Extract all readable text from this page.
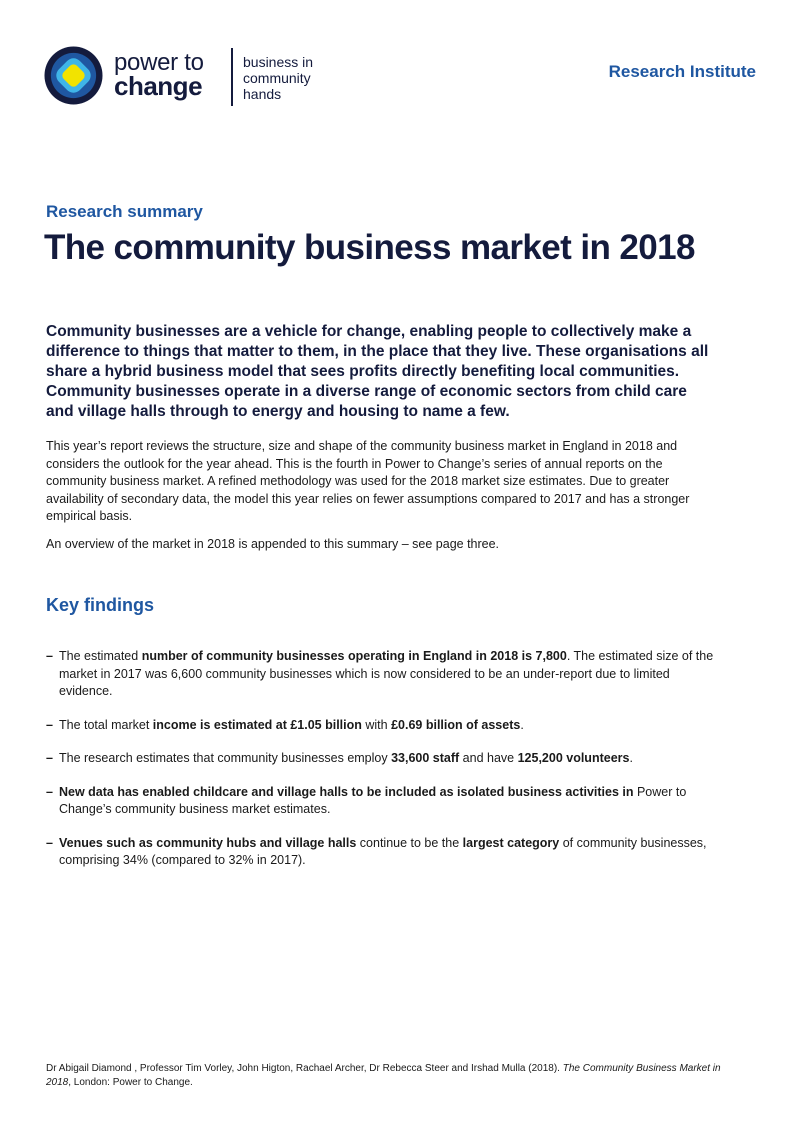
power to
change
business in
community
hands
Research Institute
Research summary
The community business market in 2018

Community businesses are a vehicle for change, enabling people to collectively make a difference to things that matter to them, in the place that they live. These organisations all share a hybrid business model that sees profits directly benefiting local communities. Community businesses operate in a diverse range of economic sectors from child care and village halls through to energy and housing to name a few.

This year’s report reviews the structure, size and shape of the community business market in England in 2018 and considers the outlook for the year ahead. This is the fourth in Power to Change’s series of annual reports on the community business market. A refined methodology was used for the 2018 market size estimates. Due to greater availability of secondary data, the model this year relies on fewer assumptions compared to 2017 and has a stronger empirical basis.

An overview of the market in 2018 is appended to this summary – see page three.

Key findings
– The estimated number of community businesses operating in England in 2018 is 7,800. The estimated size of the market in 2017 was 6,600 community businesses which is now considered to be an under-report due to limited evidence.
– The total market income is estimated at £1.05 billion with £0.69 billion of assets.
– The research estimates that community businesses employ 33,600 staff and have 125,200 volunteers.
– New data has enabled childcare and village halls to be included as isolated business activities in Power to Change’s community business market estimates.
– Venues such as community hubs and village halls continue to be the largest category of community businesses, comprising 34% (compared to 32% in 2017).

Dr Abigail Diamond , Professor Tim Vorley, John Higton, Rachael Archer, Dr Rebecca Steer and Irshad Mulla (2018). The Community Business Market in 2018, London: Power to Change.
